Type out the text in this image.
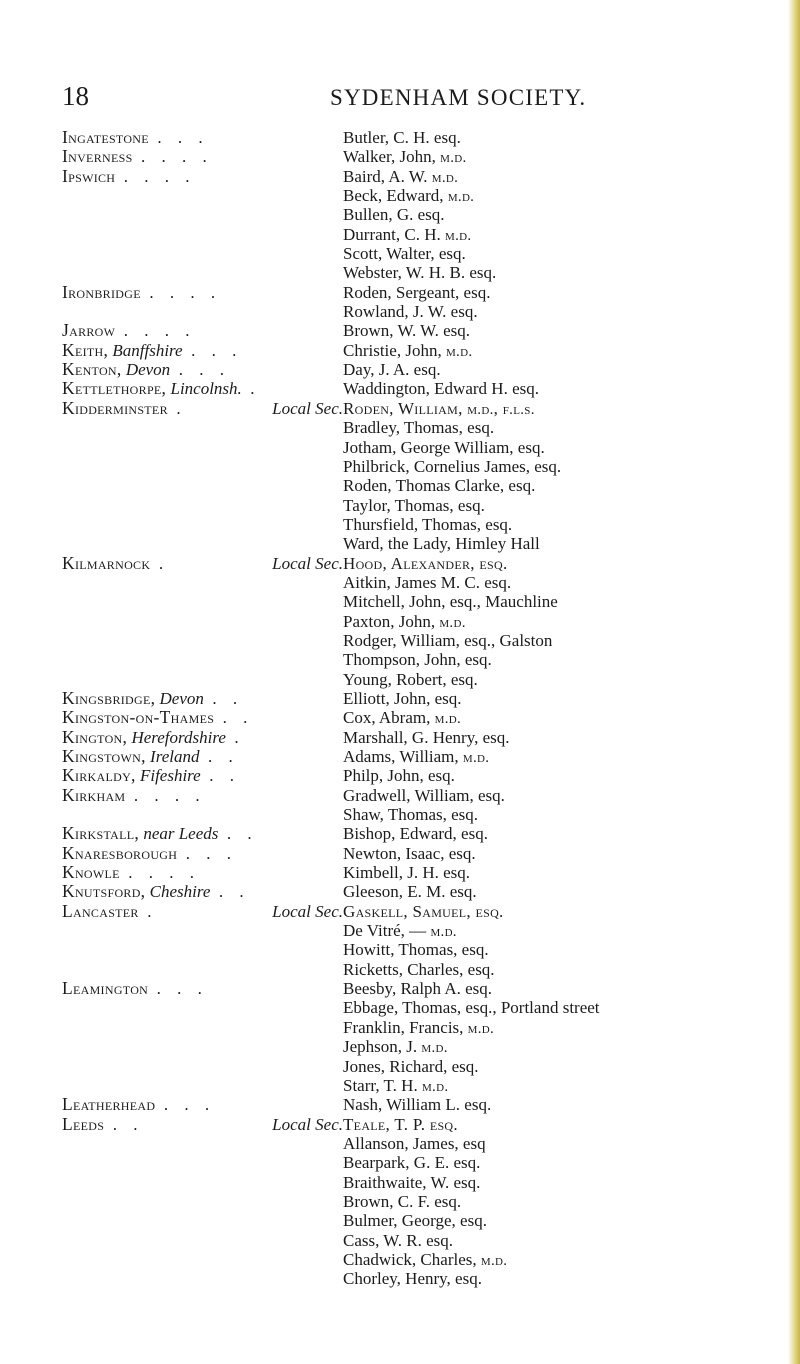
18	SYDENHAM SOCIETY.
Ingatestone . . .	Butler, C. H. esq.
Inverness . . . .	Walker, John, m.d.
Ipswich . . . .	Baird, A. W. m.d.
Beck, Edward, m.d.
Bullen, G. esq.
Durrant, C. H. m.d.
Scott, Walter, esq.
Webster, W. H. B. esq.
Ironbridge . . . .	Roden, Sergeant, esq.
Rowland, J. W. esq.
Jarrow . . . .	Brown, W. W. esq.
Keith, Banffshire . . .	Christie, John, m.d.
Kenton, Devon . . .	Day, J. A. esq.
Kettlethorpe, Lincolnsh. .	Waddington, Edward H. esq.
Kidderminster .	Local Sec. Roden, William, m.d., f.l.s.
Bradley, Thomas, esq.
Jotham, George William, esq.
Philbrick, Cornelius James, esq.
Roden, Thomas Clarke, esq.
Taylor, Thomas, esq.
Thursfield, Thomas, esq.
Ward, the Lady, Himley Hall
Kilmarnock .	Local Sec. Hood, Alexander, esq.
Aitkin, James M. C. esq.
Mitchell, John, esq., Mauchline
Paxton, John, m.d.
Rodger, William, esq., Galston
Thompson, John, esq.
Young, Robert, esq.
Kingsbridge, Devon . .	Elliott, John, esq.
Kingston-on-Thames . .	Cox, Abram, m.d.
Kington, Herefordshire .	Marshall, G. Henry, esq.
Kingstown, Ireland . .	Adams, William, m.d.
Kirkaldy, Fifeshire . .	Philp, John, esq.
Kirkham . . . .	Gradwell, William, esq.
Shaw, Thomas, esq.
Kirkstall, near Leeds . .	Bishop, Edward, esq.
Knaresborough . . .	Newton, Isaac, esq.
Knowle . . . .	Kimbell, J. H. esq.
Knutsford, Cheshire . .	Gleeson, E. M. esq.
Lancaster .	Local Sec. Gaskell, Samuel, esq.
De Vitré, — m.d.
Howitt, Thomas, esq.
Ricketts, Charles, esq.
Leamington . . .	Beesby, Ralph A. esq.
Ebbage, Thomas, esq., Portland street
Franklin, Francis, m.d.
Jephson, J. m.d.
Jones, Richard, esq.
Starr, T. H. m.d.
Leatherhead . . .	Nash, William L. esq.
Leeds . .	Local Sec. Teale, T. P. esq.
Allanson, James, esq
Bearpark, G. E. esq.
Braithwaite, W. esq.
Brown, C. F. esq.
Bulmer, George, esq.
Cass, W. R. esq.
Chadwick, Charles, m.d.
Chorley, Henry, esq.
